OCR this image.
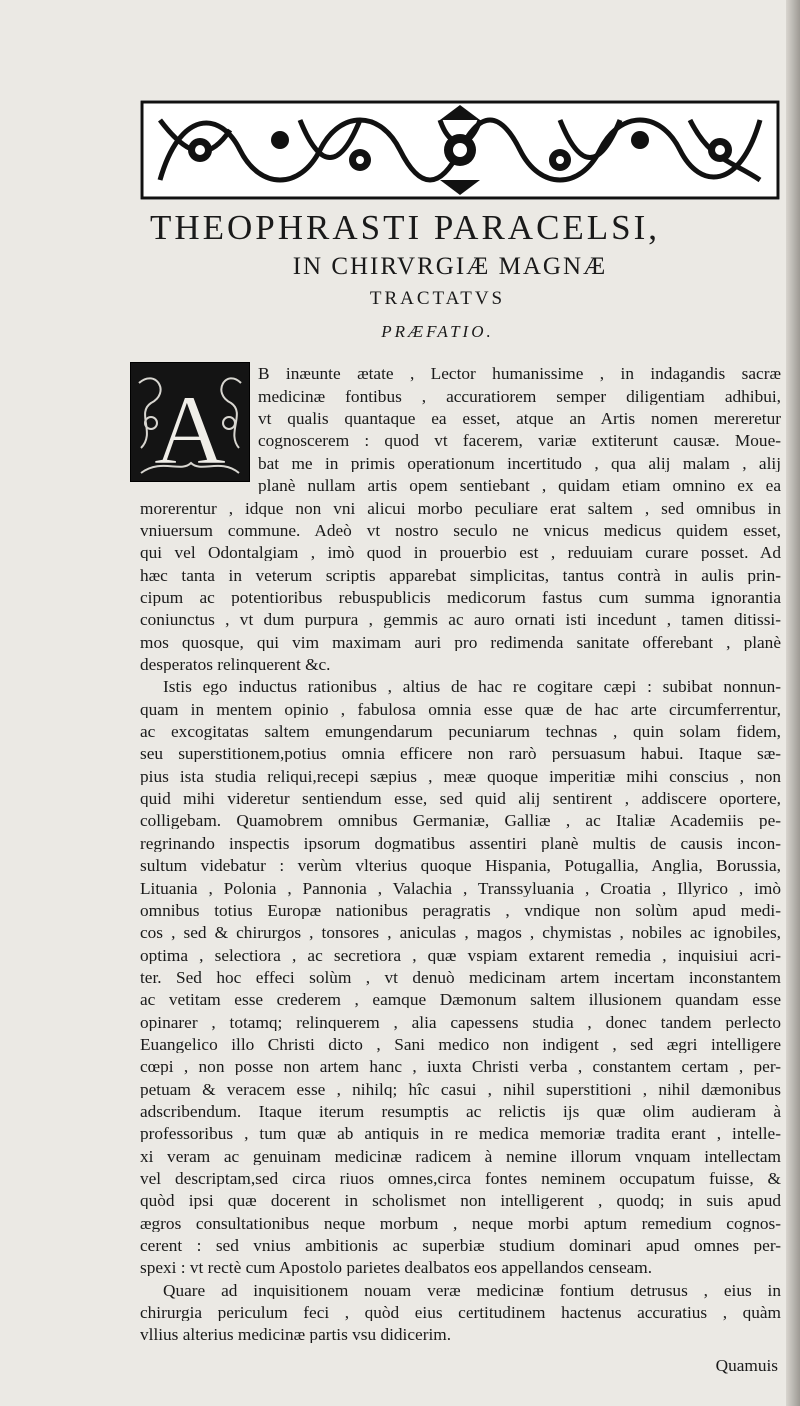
THEOPHRASTI PARACELSI,
IN CHIRVRGIÆ MAGNÆ
TRACTATVS
PRÆFATIO.
A
B inæunte ætate , Lector humanissime , in indagandis sacræ
medicinæ fontibus , accuratiorem semper diligentiam adhibui,
vt qualis quantaque ea esset, atque an Artis nomen mereretur
cognoscerem : quod vt facerem, variæ extiterunt causæ. Moue-
bat me in primis operationum incertitudo , qua alij malam , alij
planè nullam artis opem sentiebant , quidam etiam omnino ex ea
morerentur , idque non vni alicui morbo peculiare erat saltem , sed omnibus in
vniuersum commune. Adeò vt nostro seculo ne vnicus medicus quidem esset,
qui vel Odontalgiam , imò quod in prouerbio est , reduuiam curare posset. Ad
hæc tanta in veterum scriptis apparebat simplicitas, tantus contrà in aulis prin-
cipum ac potentioribus rebuspublicis medicorum fastus cum summa ignorantia
coniunctus , vt dum purpura , gemmis ac auro ornati isti incedunt , tamen ditissi-
mos quosque, qui vim maximam auri pro redimenda sanitate offerebant , planè
desperatos relinquerent &c.
Istis ego inductus rationibus , altius de hac re cogitare cæpi : subibat nonnun-
quam in mentem opinio , fabulosa omnia esse quæ de hac arte circumferrentur,
ac excogitatas saltem emungendarum pecuniarum technas , quin solam fidem,
seu superstitionem,potius omnia efficere non rarò persuasum habui. Itaque sæ-
pius ista studia reliqui,recepi sæpius , meæ quoque imperitiæ mihi conscius , non
quid mihi videretur sentiendum esse, sed quid alij sentirent , addiscere oportere,
colligebam. Quamobrem omnibus Germaniæ, Galliæ , ac Italiæ Academiis pe-
regrinando inspectis ipsorum dogmatibus assentiri planè multis de causis incon-
sultum videbatur : verùm vlterius quoque Hispania, Potugallia, Anglia, Borussia,
Lituania , Polonia , Pannonia , Valachia , Transsyluania , Croatia , Illyrico , imò
omnibus totius Europæ nationibus peragratis , vndique non solùm apud medi-
cos , sed & chirurgos , tonsores , aniculas , magos , chymistas , nobiles ac ignobiles,
optima , selectiora , ac secretiora , quæ vspiam extarent remedia , inquisiui acri-
ter. Sed hoc effeci solùm , vt denuò medicinam artem incertam inconstantem
ac vetitam esse crederem , eamque Dæmonum saltem illusionem quandam esse
opinarer , totamq; relinquerem , alia capessens studia , donec tandem perlecto
Euangelico illo Christi dicto , Sani medico non indigent , sed ægri intelligere
cœpi , non posse non artem hanc , iuxta Christi verba , constantem certam , per-
petuam & veracem esse , nihilq; hîc casui , nihil superstitioni , nihil dæmonibus
adscribendum. Itaque iterum resumptis ac relictis ijs quæ olim audieram à
professoribus , tum quæ ab antiquis in re medica memoriæ tradita erant , intelle-
xi veram ac genuinam medicinæ radicem à nemine illorum vnquam intellectam
vel descriptam,sed circa riuos omnes,circa fontes neminem occupatum fuisse, &
quòd ipsi quæ docerent in scholismet non intelligerent , quodq; in suis apud
ægros consultationibus neque morbum , neque morbi aptum remedium cognos-
cerent : sed vnius ambitionis ac superbiæ studium dominari apud omnes per-
spexi : vt rectè cum Apostolo parietes dealbatos eos appellandos censeam.
Quare ad inquisitionem nouam veræ medicinæ fontium detrusus , eius in
chirurgia periculum feci , quòd eius certitudinem hactenus accuratius , quàm
vllius alterius medicinæ partis vsu didicerim.
Quamuis
